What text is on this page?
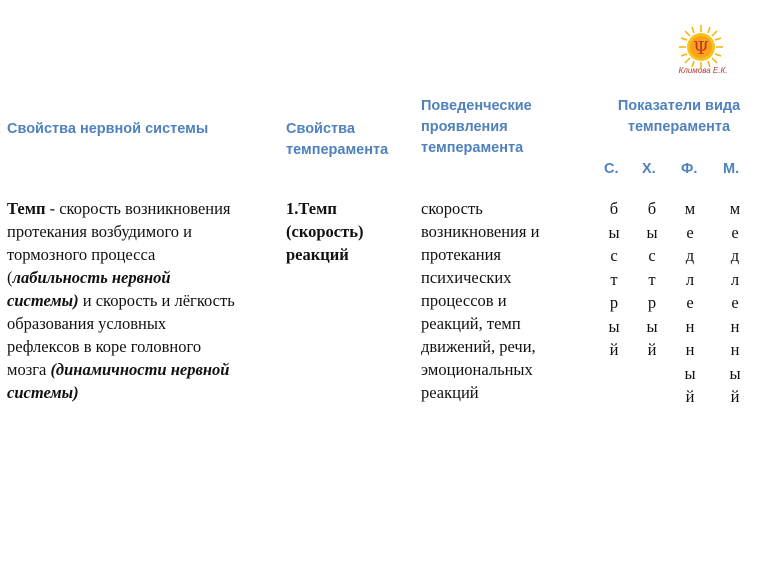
Ψ
Климова Е.К.
Свойства нервной системы	Свойства
темперамента
Поведенческие
проявления
темперамента
Показатели вида
темперамента
С. Х. Ф. М.
Темп - скорость возникновения
протекания возбудимого и
тормозного процесса
(лабильность нервной
системы) и скорость и лёгкость
образования условных
рефлексов в коре головного
мозга (динамичности нервной
системы)
1.Темп
(скорость)
реакций
скорость
возникновения и
протекания
психических
процессов и
реакций, темп
движений, речи,
эмоциональных
реакций
б
ы
с
т
р
ы
й
б
ы
с
т
р
ы
й
м
е
д
л
е
н
н
ы
й
м
е
д
л
е
н
н
ы
й
